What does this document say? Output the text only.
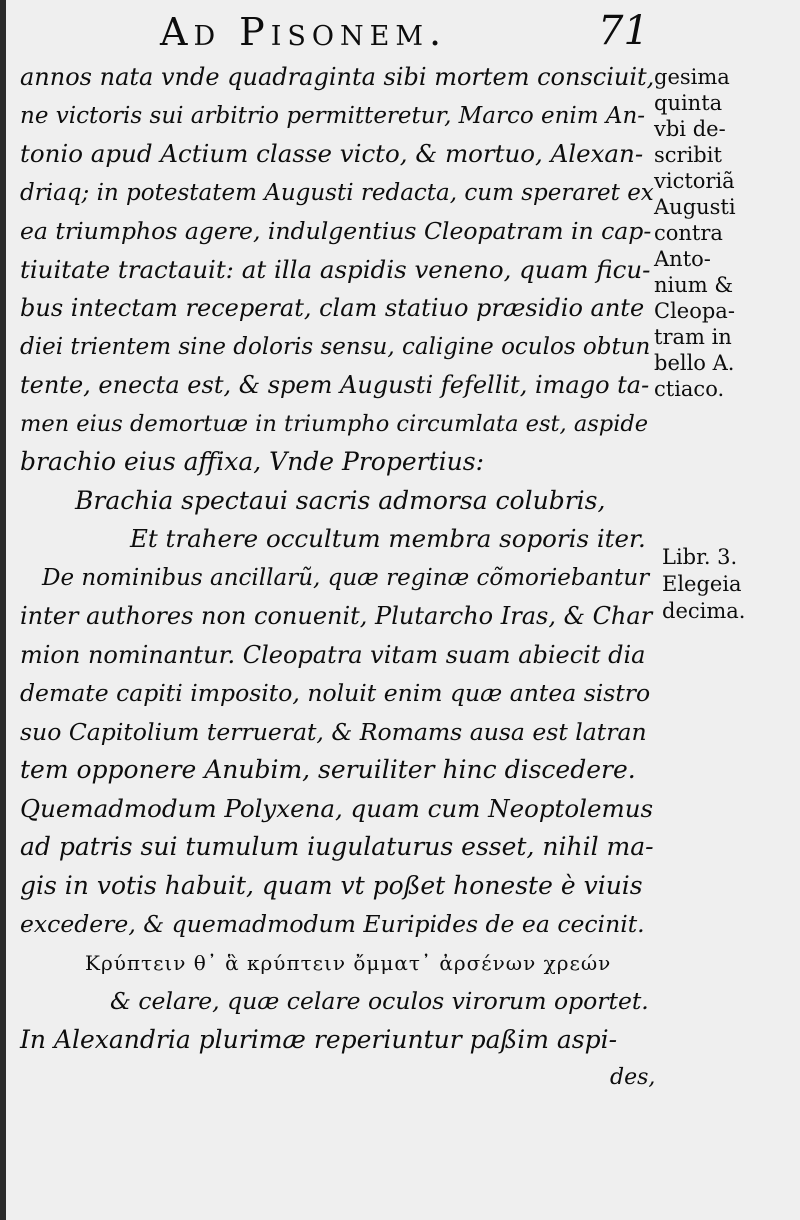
Ad Pisonem.	71
annos nata vnde quadraginta sibi mortem consciuit,
ne victoris sui arbitrio permitteretur, Marco enim An-
tonio apud Actium classe victo, & mortuo, Alexan-
driaq; in potestatem Augusti redacta, cum speraret ex
ea triumphos agere, indulgentius Cleopatram in cap-
tiuitate tractauit: at illa aspidis veneno, quam ficu-
bus intectam receperat, clam statiuo præsidio ante
diei trientem sine doloris sensu, caligine oculos obtun
tente, enecta est, & spem Augusti fefellit, imago ta-
men eius demortuæ in triumpho circumlata est, aspide
brachio eius affixa, Vnde Propertius:
Brachia spectaui sacris admorsa colubris,
Et trahere occultum membra soporis iter.
De nominibus ancillarũ, quæ reginæ cõmoriebantur
inter authores non conuenit, Plutarcho Iras, & Char
mion nominantur. Cleopatra vitam suam abiecit dia
demate capiti imposito, noluit enim quæ antea sistro
suo Capitolium terruerat, & Romams ausa est latran
tem opponere Anubim, seruiliter hinc discedere.
Quemadmodum Polyxena, quam cum Neoptolemus
ad patris sui tumulum iugulaturus esset, nihil ma-
gis in votis habuit, quam vt poßet honeste è viuis
excedere, & quemadmodum Euripides de ea cecinit.
Κρύπτειν θ᾽ ἃ κρύπτειν ὄμματ᾽ ἀρσένων χρεών
& celare, quæ celare oculos virorum oportet.
In Alexandria plurimæ reperiuntur paßim aspi-
des,
gesima
quinta
vbi de-
scribit
victoriã
Augusti
contra
Anto-
nium &
Cleopa-
tram in
bello A.
ctiaco.
Libr. 3.
Elegeia
decima.
